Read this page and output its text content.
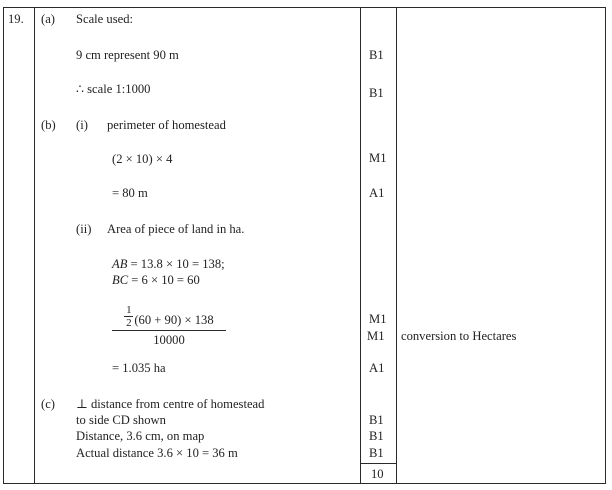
19. (a) Scale used:
9 cm represent 90 m
∴ scale 1:1000
B1
B1
(b) (i) perimeter of homestead
(2 × 10) × 4
= 80 m
M1
A1
(ii) Area of piece of land in ha.
AB = 13.8 × 10 = 138;
BC = 6 × 10 = 60
1
2 (60 + 90) × 138
10000
= 1.035 ha
M1
M1
A1
conversion to Hectares
(c) ⊥ distance from centre of homestead
to side CD shown
Distance, 3.6 cm, on map
Actual distance 3.6 × 10 = 36 m
B1
B1
B1
10
